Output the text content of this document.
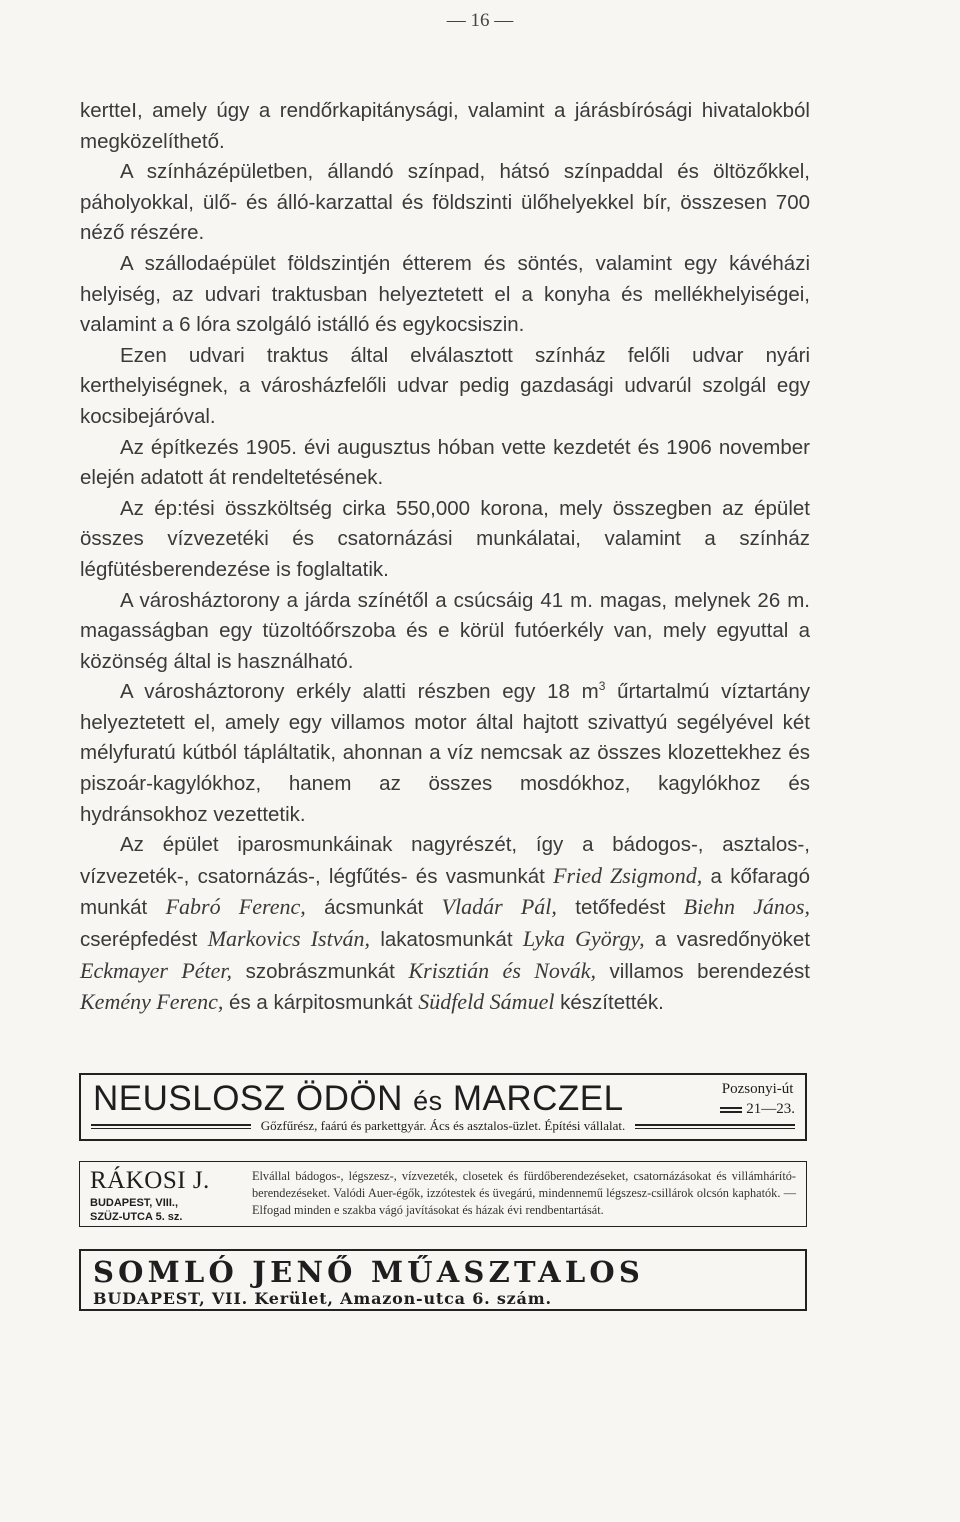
— 16 —

kertteI, amely úgy a rendőrkapitánysági, valamint a járásbírósági hivatalokból megközelíthető.

A színházépületben, állandó színpad, hátsó színpaddal és öltözőkkel, páholyokkal, ülő- és álló-karzattal és földszinti ülőhelyekkel bír, összesen 700 néző részére.

A szállodaépület földszintjén étterem és söntés, valamint egy kávéházi helyiség, az udvari traktusban helyeztetett el a konyha és mellékhelyiségei, valamint a 6 lóra szolgáló istálló és egykocsiszin.

Ezen udvari traktus által elválasztott színház felőli udvar nyári kerthelyiségnek, a városházfelőli udvar pedig gazdasági udvarúl szolgál egy kocsibejáróval.

Az építkezés 1905. évi augusztus hóban vette kezdetét és 1906 november elején adatott át rendeltetésének.

Az ép:tési összköltség cirka 550,000 korona, mely összegben az épület összes vízvezetéki és csatornázási munkálatai, valamint a színház légfütésberendezése is foglaltatik.

A városháztorony a járda színétől a csúcsáig 41 m. magas, melynek 26 m. magasságban egy tüzoltóőrszoba és e körül futóerkély van, mely egyuttal a közönség által is használható.

A városháztorony erkély alatti részben egy 18 $m^3$ űrtartalmú víztartány helyeztetett el, amely egy villamos motor által hajtott szivattyú segélyével két mélyfuratú kútból tápláltatik, ahonnan a víz nemcsak az összes klozettekhez és piszoár-kagylókhoz, hanem az összes mosdókhoz, kagylókhoz és hydránsokhoz vezettetik.

Az épület iparosmunkáinak nagyrészét, így a bádogos-, asztalos-, vízvezeték-, csatornázás-, légfűtés- és vasmunkát Fried Zsigmond, a kőfaragó munkát Fabró Ferenc, ácsmunkát Vladár Pál, tetőfedést Biehn János, cserépfedést Markovics István, lakatosmunkát Lyka György, a vasredőnyöket Eckmayer Péter, szobrászmunkát Krisztián és Novák, villamos berendezést Kemény Ferenc, és a kárpitosmunkát Südfeld Sámuel készítették.

NEUSLOSZ ÖDÖN és MARCZEL	Pozsonyi-út
21—23.
Gőzfűrész, faárú és parkettgyár. Ács és asztalos-üzlet. Építési vállalat.
RÁKOSI J.
BUDAPEST, VIII.,
SZÜZ-UTCA 5. sz.
Elvállal bádogos-, légszesz-, vízvezeték, closetek és fürdőberendezéseket, csatornázásokat és villámhárító-berendezéseket. Valódi Auer-égők, izzótestek és üvegárú, mindennemű légszesz-csillárok olcsón kaphatók. — Elfogad minden e szakba vágó javításokat és házak évi rendbentartását.
SOMLÓ JENŐ MŰASZTALOS
BUDAPEST, VII. Kerület, Amazon-utca 6. szám.
